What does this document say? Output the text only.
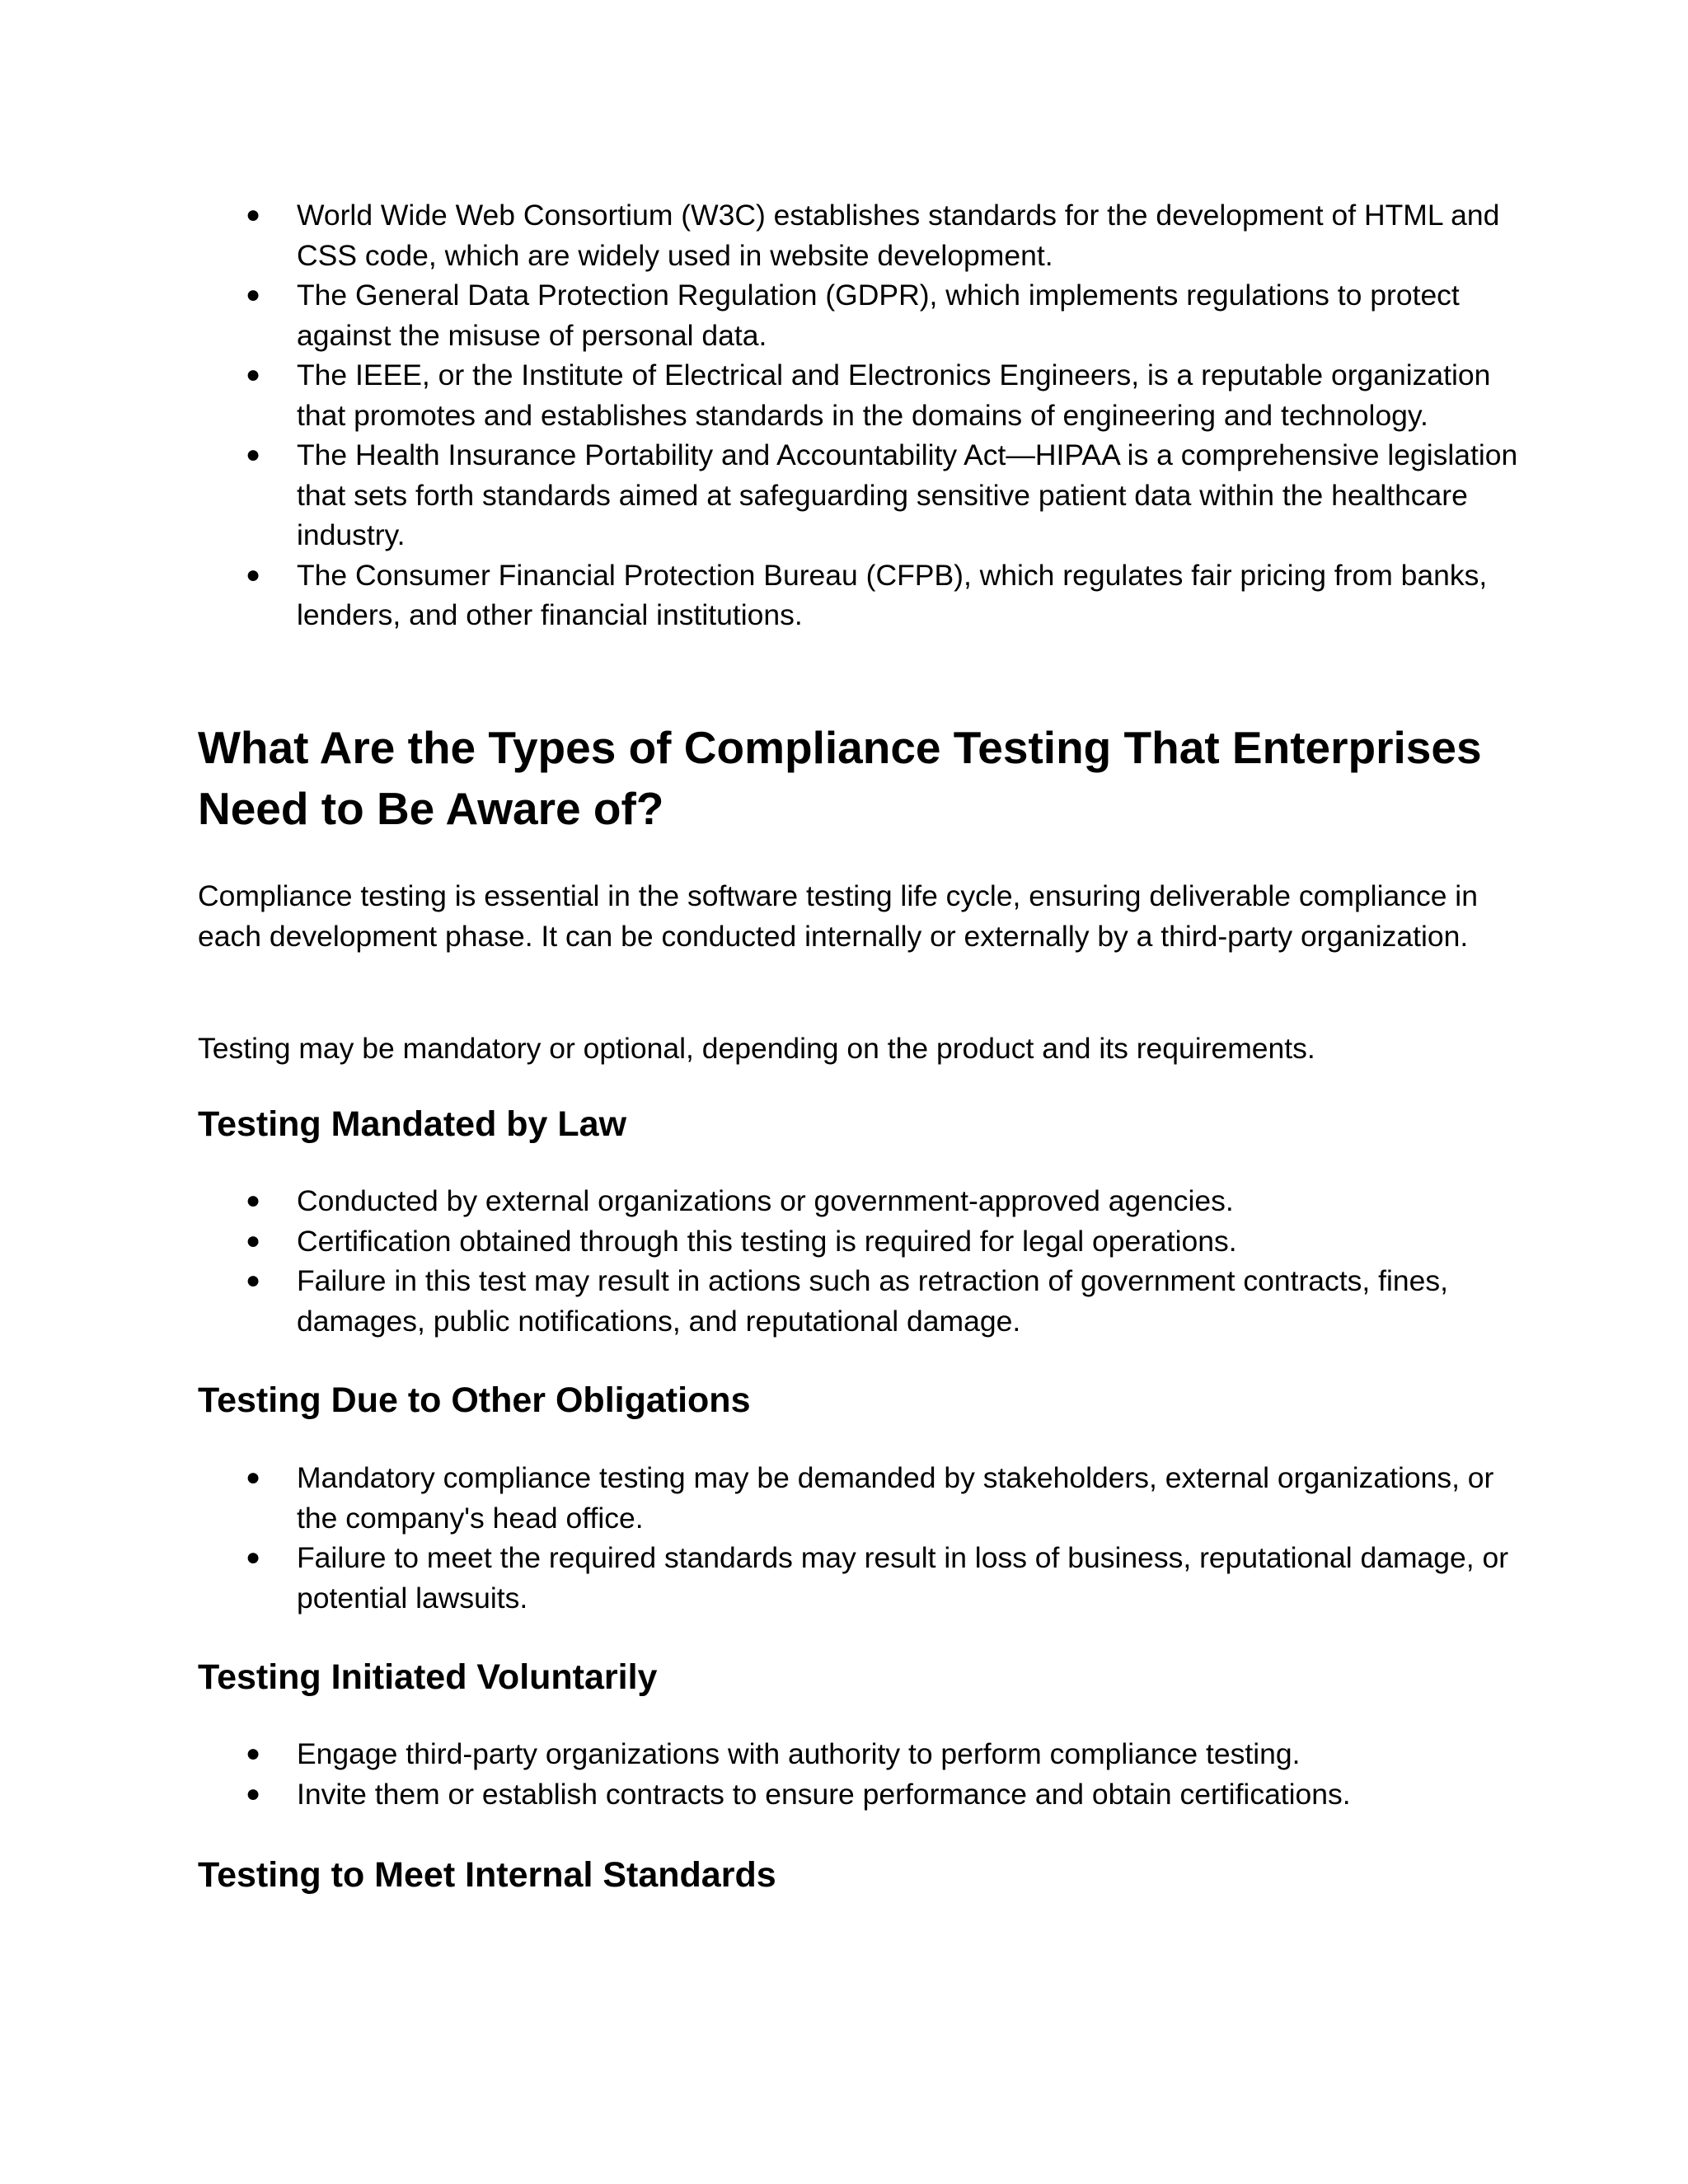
● World Wide Web Consortium (W3C) establishes standards for the development of HTML and CSS code, which are widely used in website development.
● The General Data Protection Regulation (GDPR), which implements regulations to protect against the misuse of personal data.
● The IEEE, or the Institute of Electrical and Electronics Engineers, is a reputable organization that promotes and establishes standards in the domains of engineering and technology.
● The Health Insurance Portability and Accountability Act—HIPAA is a comprehensive legislation that sets forth standards aimed at safeguarding sensitive patient data within the healthcare industry.
● The Consumer Financial Protection Bureau (CFPB), which regulates fair pricing from banks, lenders, and other financial institutions.
What Are the Types of Compliance Testing That Enterprises Need to Be Aware of?

Compliance testing is essential in the software testing life cycle, ensuring deliverable compliance in each development phase. It can be conducted internally or externally by a third-party organization.

Testing may be mandatory or optional, depending on the product and its requirements.

Testing Mandated by Law
● Conducted by external organizations or government-approved agencies.
● Certification obtained through this testing is required for legal operations.
● Failure in this test may result in actions such as retraction of government contracts, fines, damages, public notifications, and reputational damage.
Testing Due to Other Obligations
● Mandatory compliance testing may be demanded by stakeholders, external organizations, or the company's head office.
● Failure to meet the required standards may result in loss of business, reputational damage, or potential lawsuits.
Testing Initiated Voluntarily
● Engage third-party organizations with authority to perform compliance testing.
● Invite them or establish contracts to ensure performance and obtain certifications.
Testing to Meet Internal Standards
